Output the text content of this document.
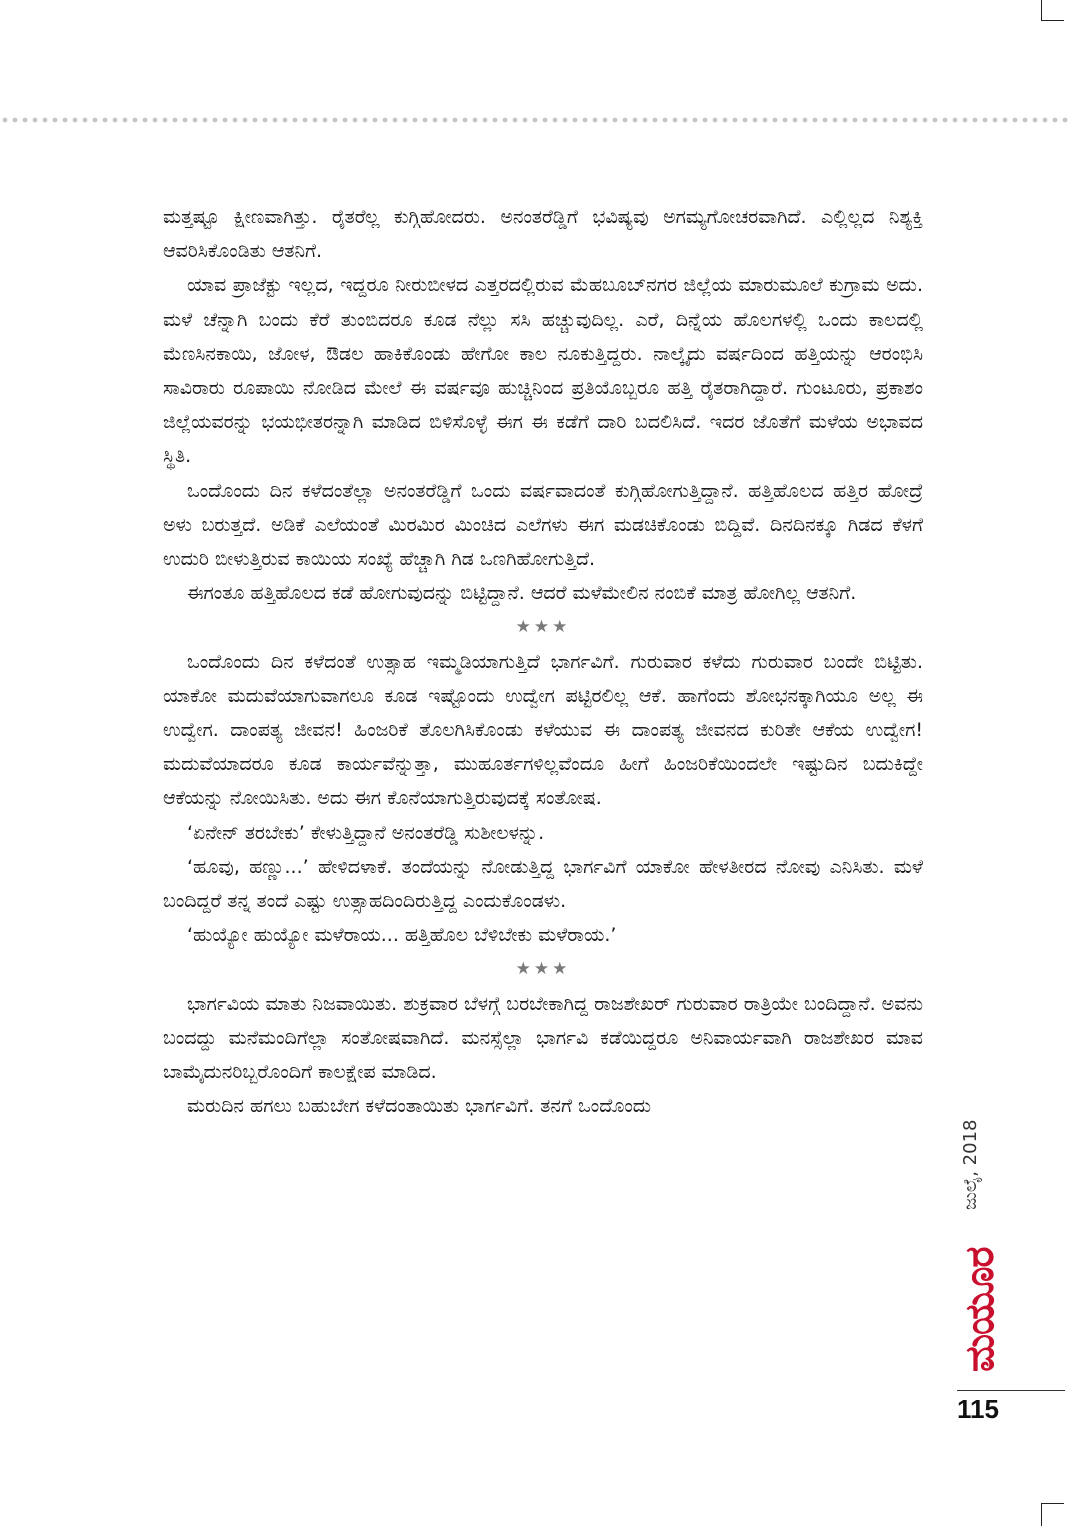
ಮತ್ತಷ್ಟೂ ಕ್ಷೀಣವಾಗಿತ್ತು. ರೈತರೆಲ್ಲ ಕುಗ್ಗಿಹೋದರು. ಅನಂತರೆಡ್ಡಿಗೆ ಭವಿಷ್ಯವು ಅಗಮ್ಯಗೋಚರವಾಗಿದೆ. ಎಲ್ಲಿಲ್ಲದ ನಿಶ್ಯಕ್ತಿ ಆವರಿಸಿಕೊಂಡಿತು ಆತನಿಗೆ.

ಯಾವ ಪ್ರಾಜೆಕ್ಟು ಇಲ್ಲದ, ಇದ್ದರೂ ನೀರುಬೀಳದ ಎತ್ತರದಲ್ಲಿರುವ ಮೆಹಬೂಬ್‌ನಗರ ಜಿಲ್ಲೆಯ ಮಾರುಮೂಲೆ ಕುಗ್ರಾಮ ಅದು. ಮಳೆ ಚೆನ್ನಾಗಿ ಬಂದು ಕೆರೆ ತುಂಬಿದರೂ ಕೂಡ ನೆಲ್ಲು ಸಸಿ ಹಚ್ಚುವುದಿಲ್ಲ. ಎರೆ, ದಿನ್ನೆಯ ಹೊಲಗಳಲ್ಲಿ ಒಂದು ಕಾಲದಲ್ಲಿ ಮೆಣಸಿನಕಾಯಿ, ಜೋಳ, ಔಡಲ ಹಾಕಿಕೊಂಡು ಹೇಗೋ ಕಾಲ ನೂಕುತ್ತಿದ್ದರು. ನಾಲ್ಕೈದು ವರ್ಷದಿಂದ ಹತ್ತಿಯನ್ನು ಆರಂಭಿಸಿ ಸಾವಿರಾರು ರೂಪಾಯಿ ನೋಡಿದ ಮೇಲೆ ಈ ವರ್ಷವೂ ಹುಚ್ಚಿನಿಂದ ಪ್ರತಿಯೊಬ್ಬರೂ ಹತ್ತಿ ರೈತರಾಗಿದ್ದಾರೆ. ಗುಂಟೂರು, ಪ್ರಕಾಶಂ ಜಿಲ್ಲೆಯವರನ್ನು ಭಯಭೀತರನ್ನಾಗಿ ಮಾಡಿದ ಬಿಳಿಸೊಳ್ಳೆ ಈಗ ಈ ಕಡೆಗೆ ದಾರಿ ಬದಲಿಸಿದೆ. ಇದರ ಜೊತೆಗೆ ಮಳೆಯ ಅಭಾವದ ಸ್ಥಿತಿ.

ಒಂದೊಂದು ದಿನ ಕಳೆದಂತೆಲ್ಲಾ ಅನಂತರೆಡ್ಡಿಗೆ ಒಂದು ವರ್ಷವಾದಂತೆ ಕುಗ್ಗಿಹೋಗುತ್ತಿದ್ದಾನೆ. ಹತ್ತಿಹೊಲದ ಹತ್ತಿರ ಹೋದ್ರೆ ಅಳು ಬರುತ್ತದೆ. ಅಡಿಕೆ ಎಲೆಯಂತೆ ಮಿರಮಿರ ಮಿಂಚಿದ ಎಲೆಗಳು ಈಗ ಮಡಚಿಕೊಂಡು ಬಿದ್ದಿವೆ. ದಿನದಿನಕ್ಕೂ ಗಿಡದ ಕೆಳಗೆ ಉದುರಿ ಬೀಳುತ್ತಿರುವ ಕಾಯಿಯ ಸಂಖ್ಯೆ ಹೆಚ್ಚಾಗಿ ಗಿಡ ಒಣಗಿಹೋಗುತ್ತಿದೆ.

ಈಗಂತೂ ಹತ್ತಿಹೊಲದ ಕಡೆ ಹೋಗುವುದನ್ನು ಬಿಟ್ಟಿದ್ದಾನೆ. ಆದರೆ ಮಳೆಮೇಲಿನ ನಂಬಿಕೆ ಮಾತ್ರ ಹೋಗಿಲ್ಲ ಆತನಿಗೆ.

★★★

ಒಂದೊಂದು ದಿನ ಕಳೆದಂತೆ ಉತ್ಸಾಹ ಇಮ್ಮಡಿಯಾಗುತ್ತಿದೆ ಭಾರ್ಗವಿಗೆ. ಗುರುವಾರ ಕಳೆದು ಗುರುವಾರ ಬಂದೇ ಬಿಟ್ಟಿತು. ಯಾಕೋ ಮದುವೆಯಾಗುವಾಗಲೂ ಕೂಡ ಇಷ್ಟೊಂದು ಉದ್ವೇಗ ಪಟ್ಟಿರಲಿಲ್ಲ ಆಕೆ. ಹಾಗೆಂದು ಶೋಭನಕ್ಕಾಗಿಯೂ ಅಲ್ಲ ಈ ಉದ್ವೇಗ. ದಾಂಪತ್ಯ ಜೀವನ! ಹಿಂಜರಿಕೆ ತೊಲಗಿಸಿಕೊಂಡು ಕಳೆಯುವ ಈ ದಾಂಪತ್ಯ ಜೀವನದ ಕುರಿತೇ ಆಕೆಯ ಉದ್ವೇಗ! ಮದುವೆಯಾದರೂ ಕೂಡ ಕಾರ್ಯವೆನ್ನುತ್ತಾ, ಮುಹೂರ್ತಗಳಿಲ್ಲವೆಂದೂ ಹೀಗೆ ಹಿಂಜರಿಕೆಯಿಂದಲೇ ಇಷ್ಟುದಿನ ಬದುಕಿದ್ದೇ ಆಕೆಯನ್ನು ನೋಯಿಸಿತು. ಅದು ಈಗ ಕೊನೆಯಾಗುತ್ತಿರುವುದಕ್ಕೆ ಸಂತೋಷ.

‘ಏನೇನ್ ತರಬೇಕು’ ಕೇಳುತ್ತಿದ್ದಾನೆ ಅನಂತರೆಡ್ಡಿ ಸುಶೀಲಳನ್ನು.

‘ಹೂವು, ಹಣ್ಣು...’ ಹೇಳಿದಳಾಕೆ. ತಂದೆಯನ್ನು ನೋಡುತ್ತಿದ್ದ ಭಾರ್ಗವಿಗೆ ಯಾಕೋ ಹೇಳತೀರದ ನೋವು ಎನಿಸಿತು. ಮಳೆ ಬಂದಿದ್ದರೆ ತನ್ನ ತಂದೆ ಎಷ್ಟು ಉತ್ಸಾಹದಿಂದಿರುತ್ತಿದ್ದ ಎಂದುಕೊಂಡಳು.

‘ಹುಯ್ಯೋ ಹುಯ್ಯೋ ಮಳೆರಾಯ... ಹತ್ತಿಹೊಲ ಬೆಳಿಬೇಕು ಮಳೆರಾಯ.’

★★★

ಭಾರ್ಗವಿಯ ಮಾತು ನಿಜವಾಯಿತು. ಶುಕ್ರವಾರ ಬೆಳಗ್ಗೆ ಬರಬೇಕಾಗಿದ್ದ ರಾಜಶೇಖರ್ ಗುರುವಾರ ರಾತ್ರಿಯೇ ಬಂದಿದ್ದಾನೆ. ಅವನು ಬಂದದ್ದು ಮನೆಮಂದಿಗೆಲ್ಲಾ ಸಂತೋಷವಾಗಿದೆ. ಮನಸ್ಸೆಲ್ಲಾ ಭಾರ್ಗವಿ ಕಡೆಯಿದ್ದರೂ ಅನಿವಾರ್ಯವಾಗಿ ರಾಜಶೇಖರ ಮಾವ ಬಾಮೈದುನರಿಬ್ಬರೊಂದಿಗೆ ಕಾಲಕ್ಷೇಪ ಮಾಡಿದ.

ಮರುದಿನ ಹಗಲು ಬಹುಬೇಗ ಕಳೆದಂತಾಯಿತು ಭಾರ್ಗವಿಗೆ. ತನಗೆ ಒಂದೊಂದು

ಜುಲೈ, 2018
ಮಯೂರ
115
